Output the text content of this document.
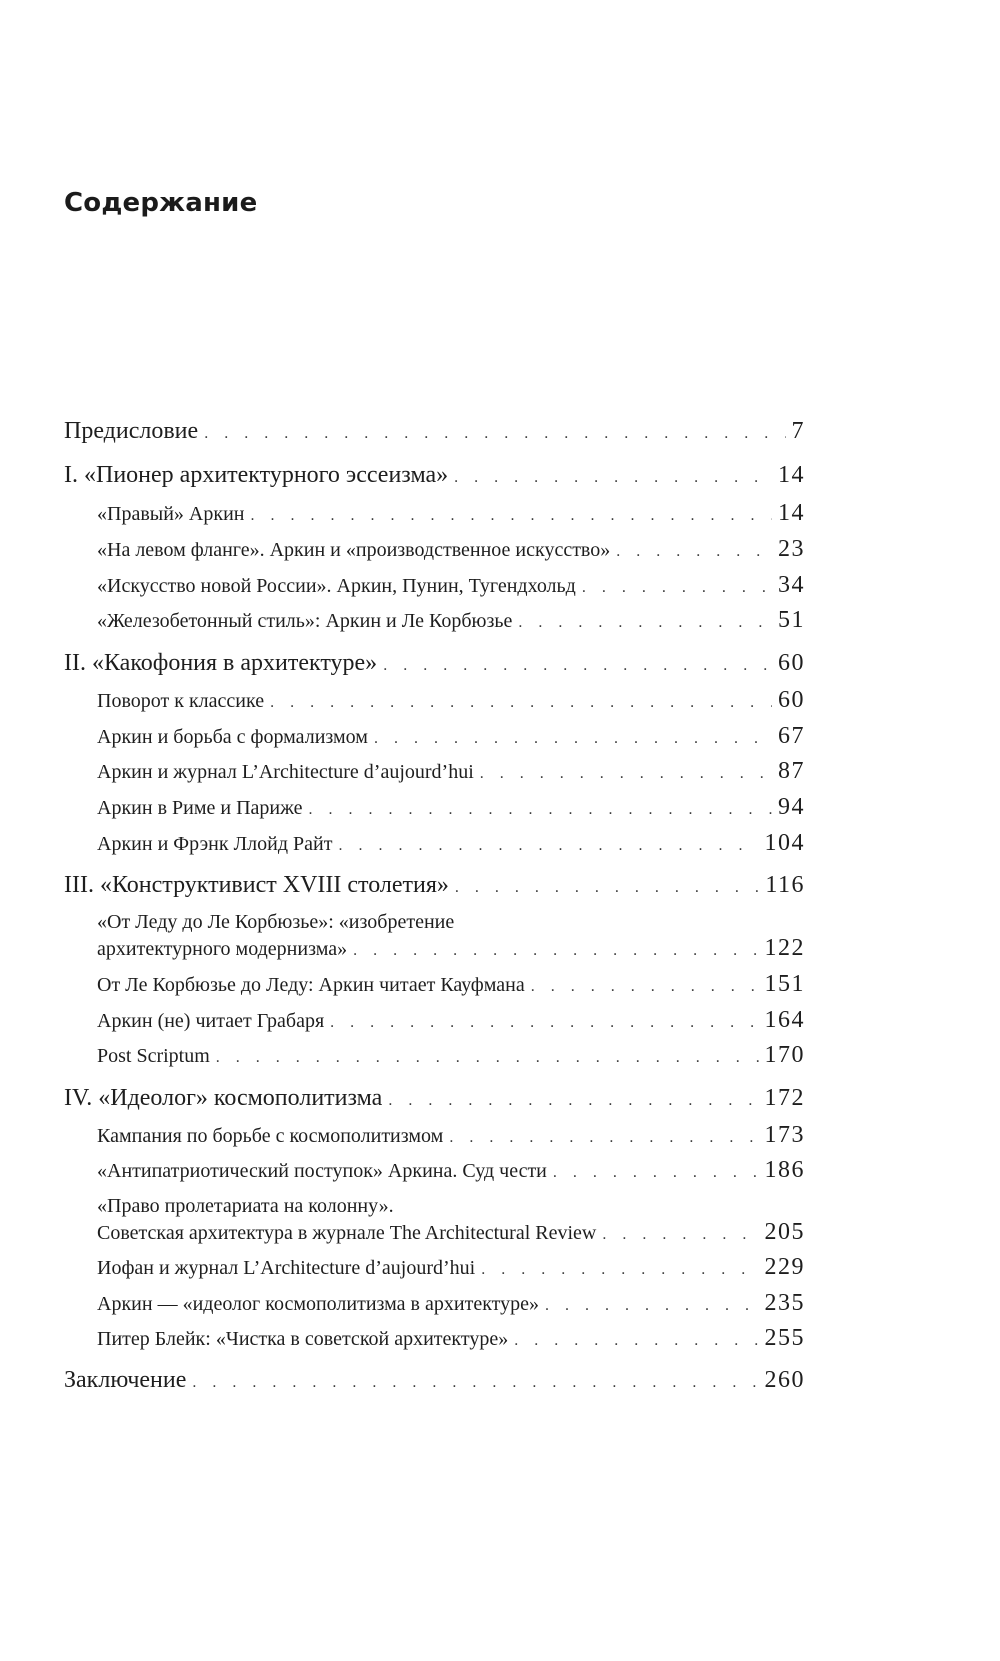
Содержание
Предисловие . . .	7
I. «Пионер архитектурного эссеизма» . . .	14
«Правый» Аркин . . .	14
«На левом фланге». Аркин и «производственное искусство» . . .	23
«Искусство новой России». Аркин, Пунин, Тугендхольд . . .	34
«Железобетонный стиль»: Аркин и Ле Корбюзье . . .	51
II. «Какофония в архитектуре» . . .	60
Поворот к классике . . .	60
Аркин и борьба с формализмом . . .	67
Аркин и журнал L’Architecture d’aujourd’hui . . .	87
Аркин в Риме и Париже . . .	94
Аркин и Фрэнк Ллойд Райт . . .	104
III. «Конструктивист XVIII столетия» . . .	116
«От Леду до Ле Корбюзье»: «изобретение
архитектурного модернизма» . . .	122
От Ле Корбюзье до Леду: Аркин читает Кауфмана . . .	151
Аркин (не) читает Грабаря . . .	164
Post Scriptum . . .	170
IV. «Идеолог» космополитизма . . .	172
Кампания по борьбе с космополитизмом . . .	173
«Антипатриотический поступок» Аркина. Суд чести . . .	186
«Право пролетариата на колонну».
Советская архитектура в журнале The Architectural Review . . .	205
Иофан и журнал L’Architecture d’aujourd’hui . . .	229
Аркин — «идеолог космополитизма в архитектуре» . . .	235
Питер Блейк: «Чистка в советской архитектуре» . . .	255
Заключение . . .	260
